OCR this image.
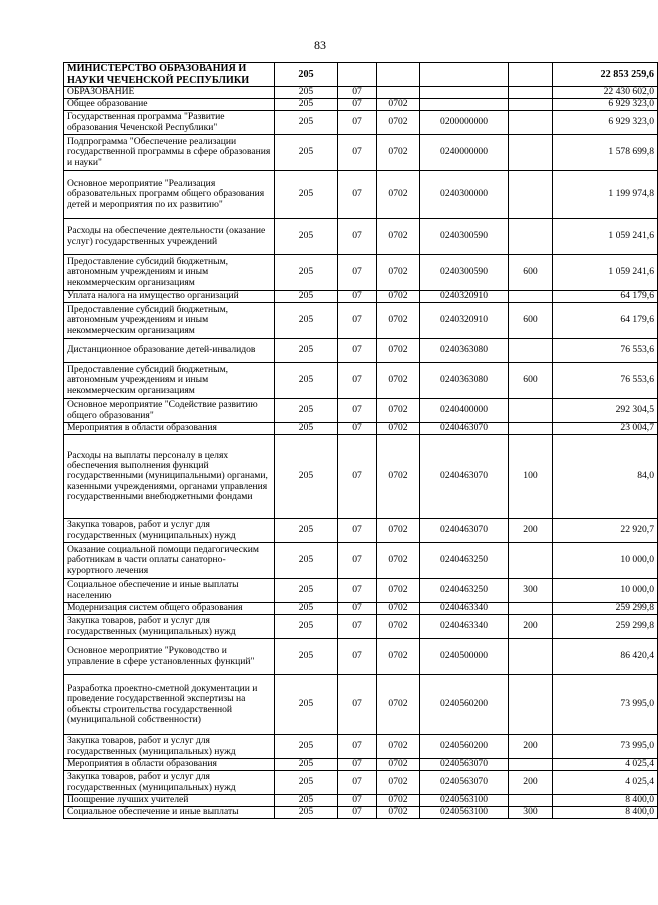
83
МИНИСТЕРСТВО ОБРАЗОВАНИЯ И НАУКИ ЧЕЧЕНСКОЙ РЕСПУБЛИКИ	205					22 853 259,6
ОБРАЗОВАНИЕ	205	07				22 430 602,0
Общее образование	205	07	0702			6 929 323,0
Государственная программа "Развитие образования Чеченской Республики"	205	07	0702	0200000000		6 929 323,0
Подпрограмма "Обеспечение реализации государственной программы в сфере образования и науки"	205	07	0702	0240000000		1 578 699,8
Основное мероприятие "Реализация образовательных программ общего образования детей и мероприятия по их развитию"	205	07	0702	0240300000		1 199 974,8
Расходы на обеспечение деятельности (оказание услуг) государственных учреждений	205	07	0702	0240300590		1 059 241,6
Предоставление субсидий бюджетным, автономным учреждениям и иным некоммерческим организациям	205	07	0702	0240300590	600	1 059 241,6
Уплата налога на имущество организаций	205	07	0702	0240320910		64 179,6
Предоставление субсидий бюджетным, автономным учреждениям и иным некоммерческим организациям	205	07	0702	0240320910	600	64 179,6
Дистанционное образование детей-инвалидов	205	07	0702	0240363080		76 553,6
Предоставление субсидий бюджетным, автономным учреждениям и иным некоммерческим организациям	205	07	0702	0240363080	600	76 553,6
Основное мероприятие "Содействие развитию общего образования"	205	07	0702	0240400000		292 304,5
Мероприятия в области образования	205	07	0702	0240463070		23 004,7
Расходы на выплаты персоналу в целях обеспечения выполнения функций государственными (муниципальными) органами, казенными учреждениями, органами управления государственными внебюджетными фондами	205	07	0702	0240463070	100	84,0
Закупка товаров, работ и услуг для государственных (муниципальных) нужд	205	07	0702	0240463070	200	22 920,7
Оказание социальной помощи педагогическим работникам в части оплаты санаторно-курортного лечения	205	07	0702	0240463250		10 000,0
Социальное обеспечение и иные выплаты населению	205	07	0702	0240463250	300	10 000,0
Модернизация систем общего образования	205	07	0702	0240463340		259 299,8
Закупка товаров, работ и услуг для государственных (муниципальных) нужд	205	07	0702	0240463340	200	259 299,8
Основное мероприятие "Руководство и управление в сфере установленных функций"	205	07	0702	0240500000		86 420,4
Разработка проектно-сметной документации и проведение государственной экспертизы на объекты строительства государственной (муниципальной собственности)	205	07	0702	0240560200		73 995,0
Закупка товаров, работ и услуг для государственных (муниципальных) нужд	205	07	0702	0240560200	200	73 995,0
Мероприятия в области образования	205	07	0702	0240563070		4 025,4
Закупка товаров, работ и услуг для государственных (муниципальных) нужд	205	07	0702	0240563070	200	4 025,4
Поощрение лучших учителей	205	07	0702	0240563100		8 400,0
Социальное обеспечение и иные выплаты	205	07	0702	0240563100	300	8 400,0
